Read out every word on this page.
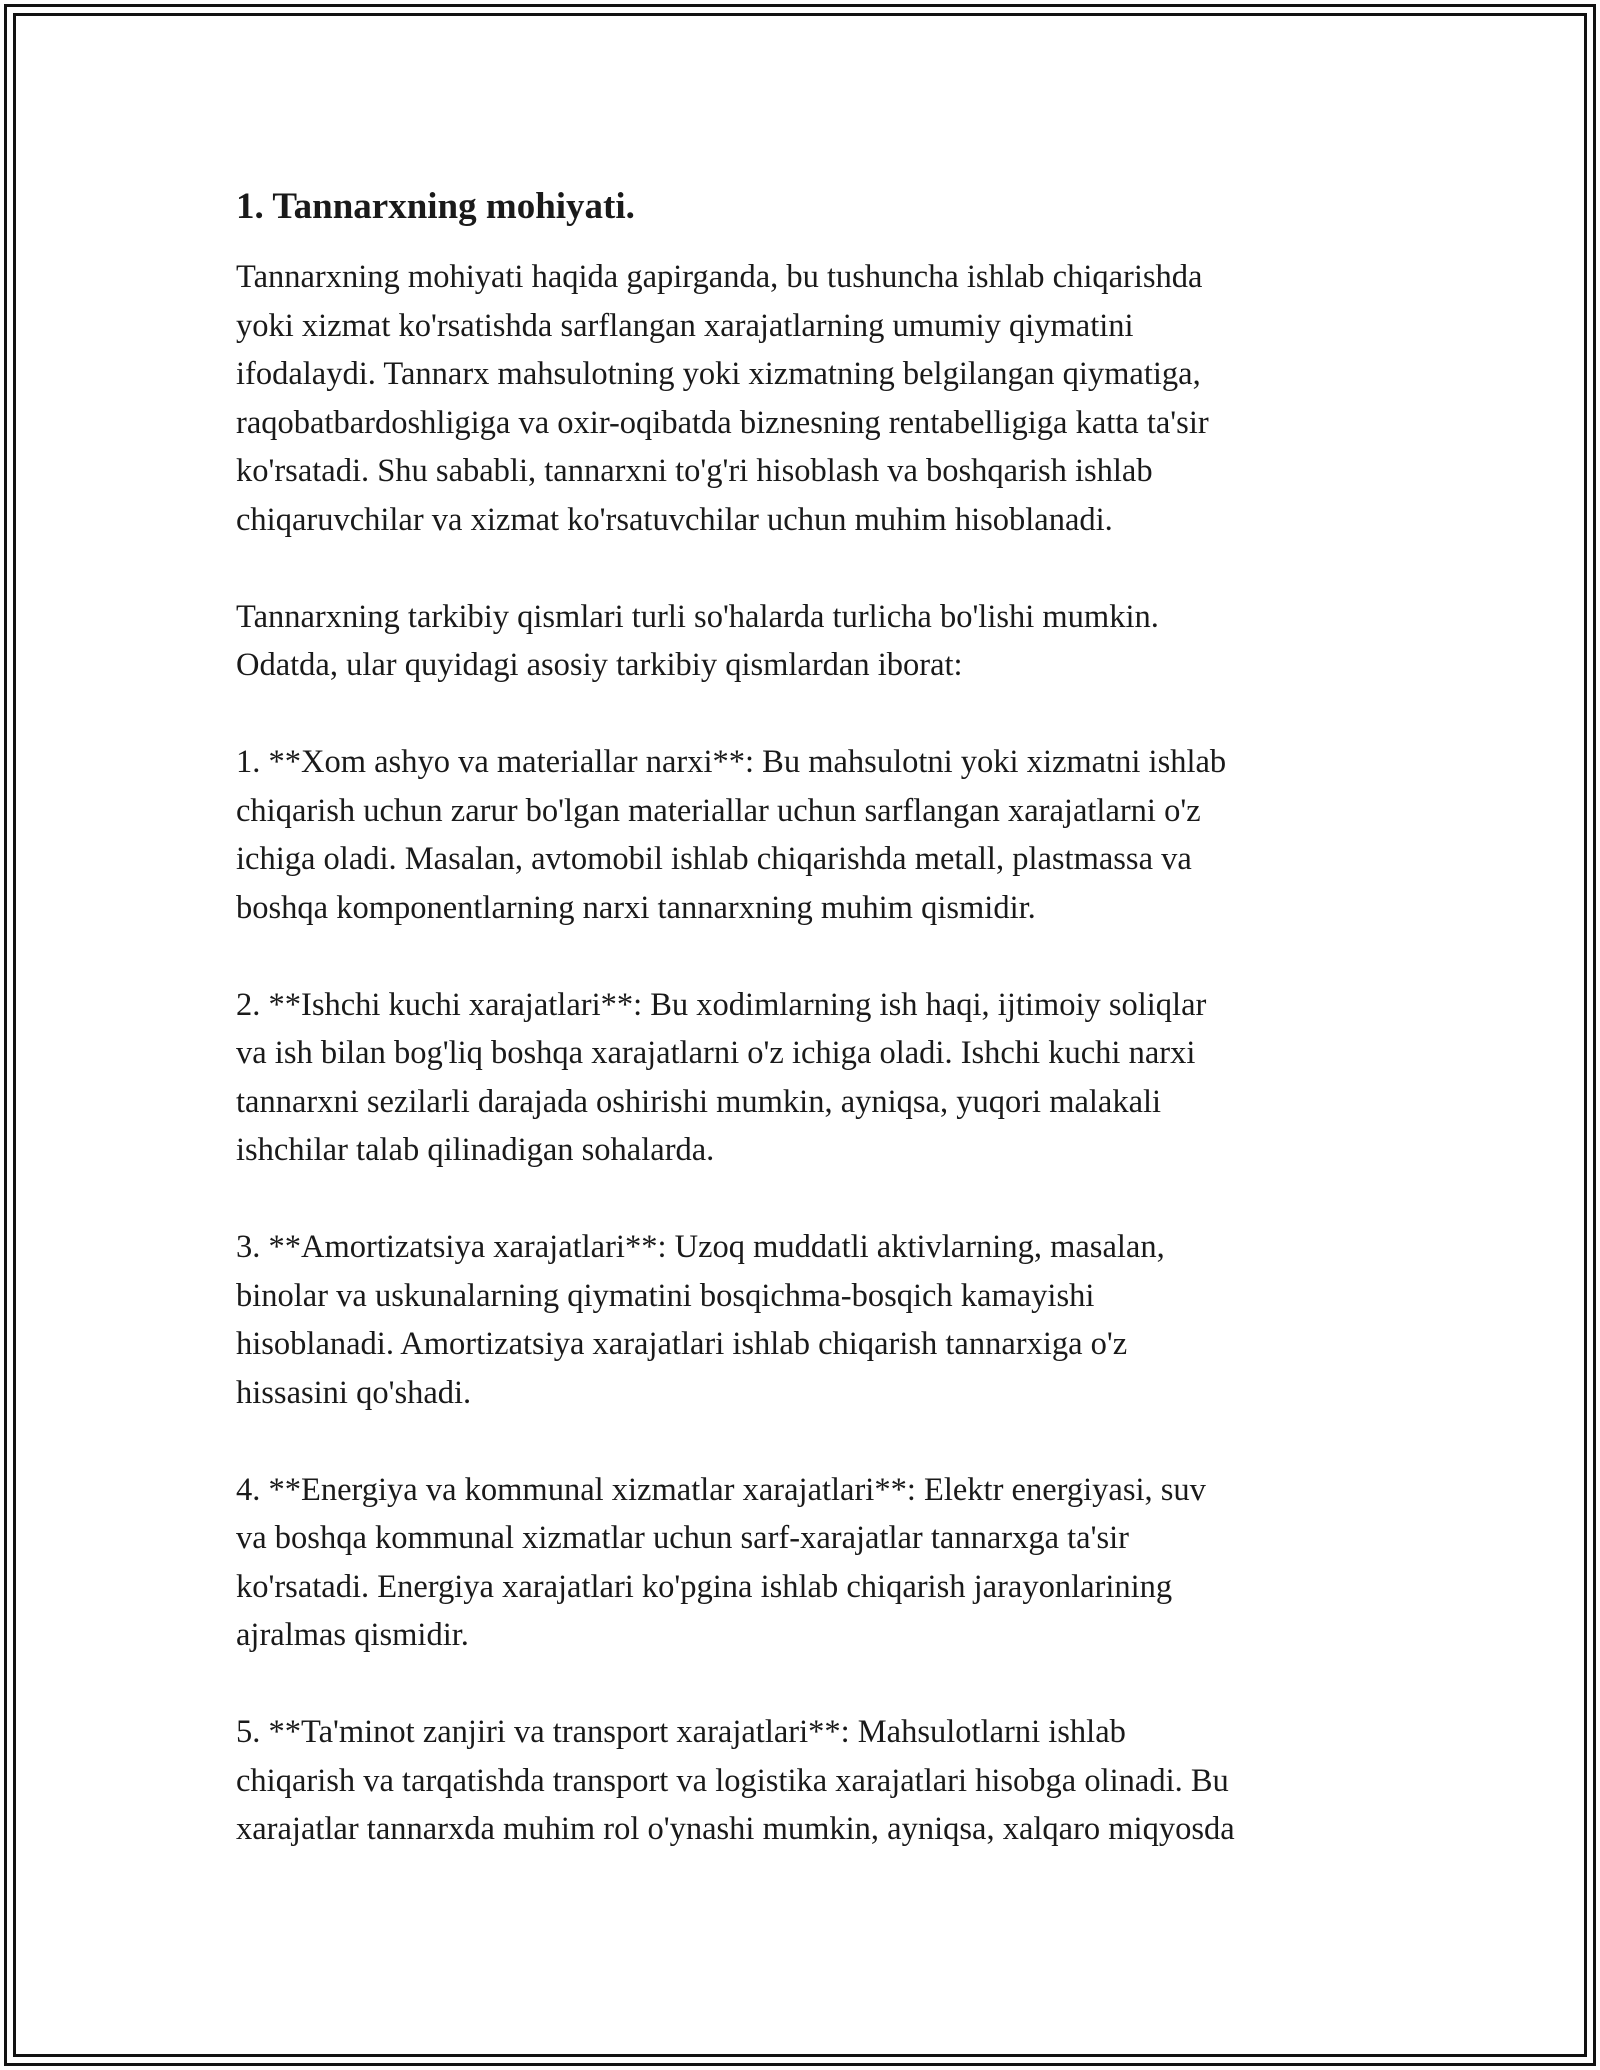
1. Tannarxning mohiyati.

Tannarxning mohiyati haqida gapirganda, bu tushuncha ishlab chiqarishda
yoki xizmat ko'rsatishda sarflangan xarajatlarning umumiy qiymatini
ifodalaydi. Tannarx mahsulotning yoki xizmatning belgilangan qiymatiga,
raqobatbardoshligiga va oxir-oqibatda biznesning rentabelligiga katta ta'sir
ko'rsatadi. Shu sababli, tannarxni to'g'ri hisoblash va boshqarish ishlab
chiqaruvchilar va xizmat ko'rsatuvchilar uchun muhim hisoblanadi.

Tannarxning tarkibiy qismlari turli so'halarda turlicha bo'lishi mumkin.
Odatda, ular quyidagi asosiy tarkibiy qismlardan iborat:

1. **Xom ashyo va materiallar narxi**: Bu mahsulotni yoki xizmatni ishlab
chiqarish uchun zarur bo'lgan materiallar uchun sarflangan xarajatlarni o'z
ichiga oladi. Masalan, avtomobil ishlab chiqarishda metall, plastmassa va
boshqa komponentlarning narxi tannarxning muhim qismidir.

2. **Ishchi kuchi xarajatlari**: Bu xodimlarning ish haqi, ijtimoiy soliqlar
va ish bilan bog'liq boshqa xarajatlarni o'z ichiga oladi. Ishchi kuchi narxi
tannarxni sezilarli darajada oshirishi mumkin, ayniqsa, yuqori malakali
ishchilar talab qilinadigan sohalarda.

3. **Amortizatsiya xarajatlari**: Uzoq muddatli aktivlarning, masalan,
binolar va uskunalarning qiymatini bosqichma-bosqich kamayishi
hisoblanadi. Amortizatsiya xarajatlari ishlab chiqarish tannarxiga o'z
hissasini qo'shadi.

4. **Energiya va kommunal xizmatlar xarajatlari**: Elektr energiyasi, suv
va boshqa kommunal xizmatlar uchun sarf-xarajatlar tannarxga ta'sir
ko'rsatadi. Energiya xarajatlari ko'pgina ishlab chiqarish jarayonlarining
ajralmas qismidir.

5. **Ta'minot zanjiri va transport xarajatlari**: Mahsulotlarni ishlab
chiqarish va tarqatishda transport va logistika xarajatlari hisobga olinadi. Bu
xarajatlar tannarxda muhim rol o'ynashi mumkin, ayniqsa, xalqaro miqyosda
